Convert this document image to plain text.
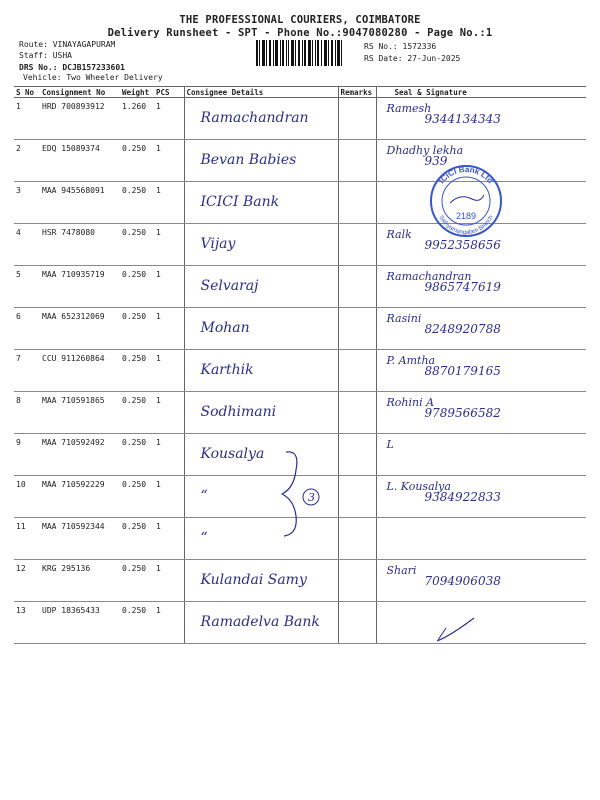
THE PROFESSIONAL COURIERS, COIMBATORE
Delivery Runsheet - SPT - Phone No.:9047080280 - Page No.:1
Route: VINAYAGAPURAM
Staff: USHA
DRS No.: DCJB157233601
Vehicle: Two Wheeler Delivery
RS No.: 1572336
RS Date: 27-Jun-2025
S No	Consignment No	Weight	PCS	Consignee Details	Remarks	Seal & Signature
1	HRD 700893912	1.260	1	Ramachandran		Ramesh
9344134343

2	EDQ 15089374	0.250	1	Bevan Babies		Dhadhy lekha
939

3	MAA 945568091	0.250	1	ICICI Bank		

4	HSR 7478080	0.250	1	Vijay		Ralk
9952358656

5	MAA 710935719	0.250	1	Selvaraj		Ramachandran
9865747619

6	MAA 652312069	0.250	1	Mohan		Rasini
8248920788

7	CCU 911260864	0.250	1	Karthik		P. Amtha
8870179165

8	MAA 710591865	0.250	1	Sodhimani		Rohini A
9789566582

9	MAA 710592492	0.250	1	Kousalya		L

10	MAA 710592229	0.250	1	“		L. Kousalya
9384922833

11	MAA 710592344	0.250	1	“		

12	KRG 295136	0.250	1	Kulandai Samy		Shari
7094906038

13	UDP 18365433	0.250	1	Ramadelva Bank		

3
ICICI Bank Ltd
Sathyamangalam Branch
2189
